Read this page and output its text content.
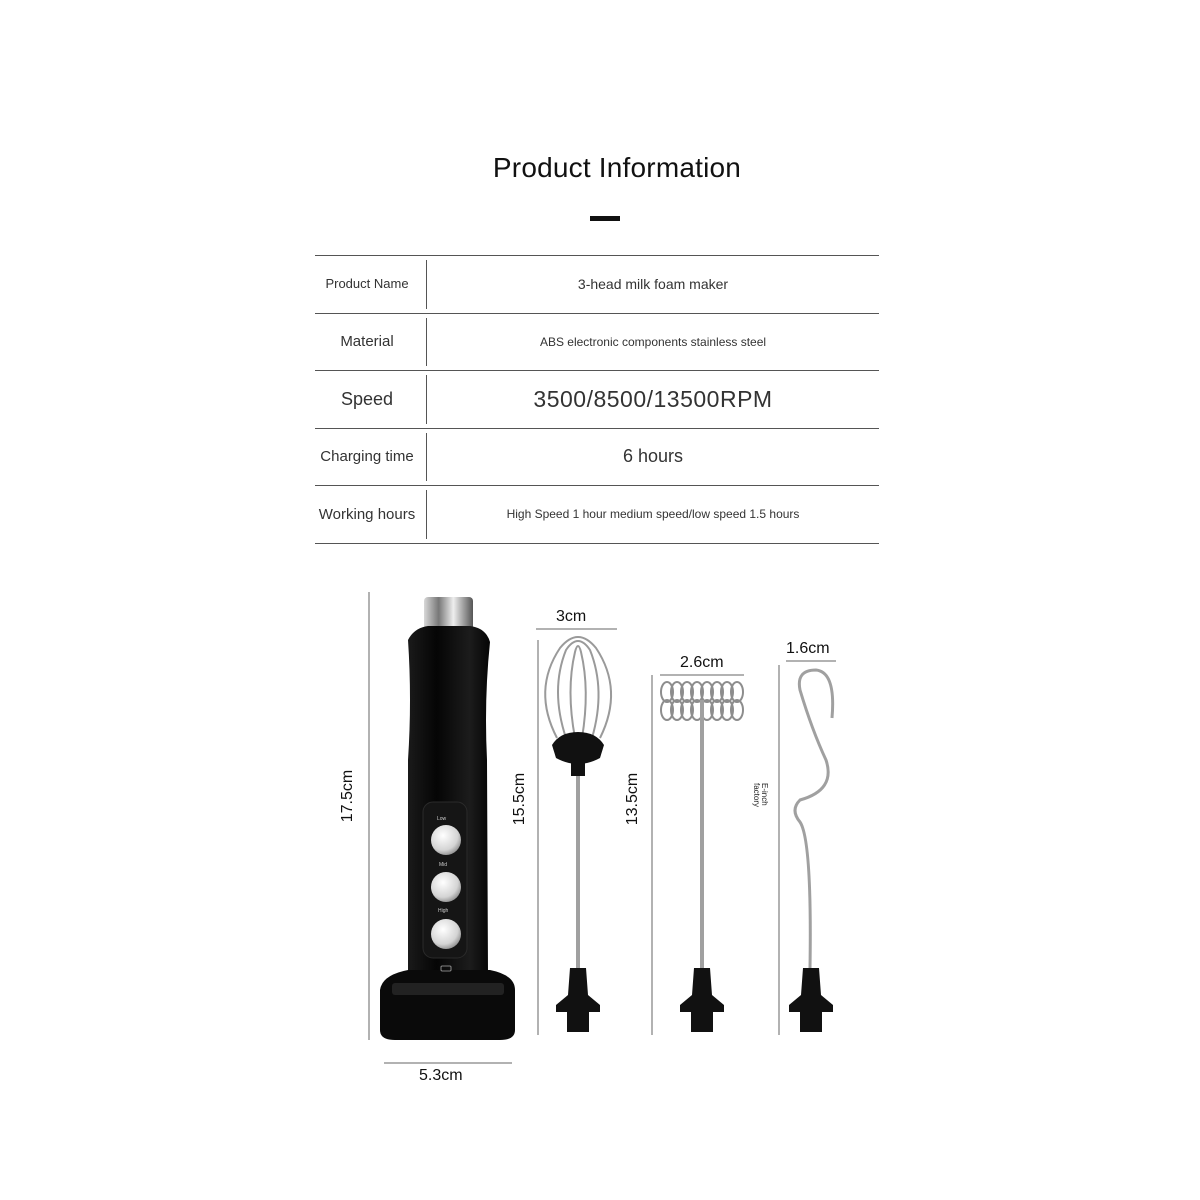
Product Information
Product Name	3-head milk foam maker
Material	ABS electronic components stainless steel
Speed	3500/8500/13500RPM
Charging time	6 hours
Working hours	High Speed 1 hour medium speed/low speed 1.5 hours
17.5cm
5.3cm
3cm
15.5cm
2.6cm
13.5cm
1.6cm
E-inch factory
Low
Mid
High
